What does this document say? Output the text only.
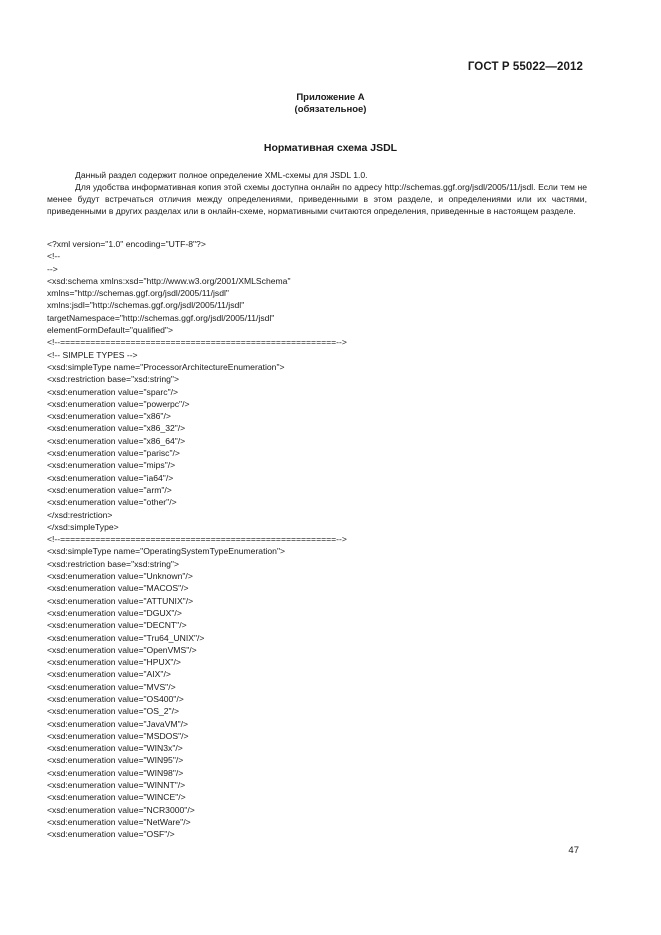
ГОСТ Р 55022—2012
Приложение А
(обязательное)
Нормативная схема JSDL

Данный раздел содержит полное определение XML-схемы для JSDL 1.0.

Для удобства информативная копия этой схемы доступна онлайн по адресу http://schemas.ggf.org/jsdl/2005/11/jsdl. Если тем не менее будут встречаться отличия между определениями, приведенными в этом разделе, и определениями или их частями, приведенными в других разделах или в онлайн-схеме, нормативными считаются определения, приведенные в настоящем разделе.

<?xml version="1.0" encoding="UTF-8"?>
<!--
-->
<xsd:schema xmlns:xsd="http://www.w3.org/2001/XMLSchema"
xmlns="http://schemas.ggf.org/jsdl/2005/11/jsdl"
xmlns:jsdl="http://schemas.ggf.org/jsdl/2005/11/jsdl"
targetNamespace="http://schemas.ggf.org/jsdl/2005/11/jsdl"
elementFormDefault="qualified">
<!--=======================================================-->
<!-- SIMPLE TYPES -->
<xsd:simpleType name="ProcessorArchitectureEnumeration">
<xsd:restriction base="xsd:string">
<xsd:enumeration value="sparc"/>
<xsd:enumeration value="powerpc"/>
<xsd:enumeration value="x86"/>
<xsd:enumeration value="x86_32"/>
<xsd:enumeration value="x86_64"/>
<xsd:enumeration value="parisc"/>
<xsd:enumeration value="mips"/>
<xsd:enumeration value="ia64"/>
<xsd:enumeration value="arm"/>
<xsd:enumeration value="other"/>
</xsd:restriction>
</xsd:simpleType>
<!--=======================================================-->
<xsd:simpleType name="OperatingSystemTypeEnumeration">
<xsd:restriction base="xsd:string">
<xsd:enumeration value="Unknown"/>
<xsd:enumeration value="MACOS"/>
<xsd:enumeration value="ATTUNIX"/>
<xsd:enumeration value="DGUX"/>
<xsd:enumeration value="DECNT"/>
<xsd:enumeration value="Tru64_UNIX"/>
<xsd:enumeration value="OpenVMS"/>
<xsd:enumeration value="HPUX"/>
<xsd:enumeration value="AIX"/>
<xsd:enumeration value="MVS"/>
<xsd:enumeration value="OS400"/>
<xsd:enumeration value="OS_2"/>
<xsd:enumeration value="JavaVM"/>
<xsd:enumeration value="MSDOS"/>
<xsd:enumeration value="WIN3x"/>
<xsd:enumeration value="WIN95"/>
<xsd:enumeration value="WIN98"/>
<xsd:enumeration value="WINNT"/>
<xsd:enumeration value="WINCE"/>
<xsd:enumeration value="NCR3000"/>
<xsd:enumeration value="NetWare"/>
<xsd:enumeration value="OSF"/>
47
